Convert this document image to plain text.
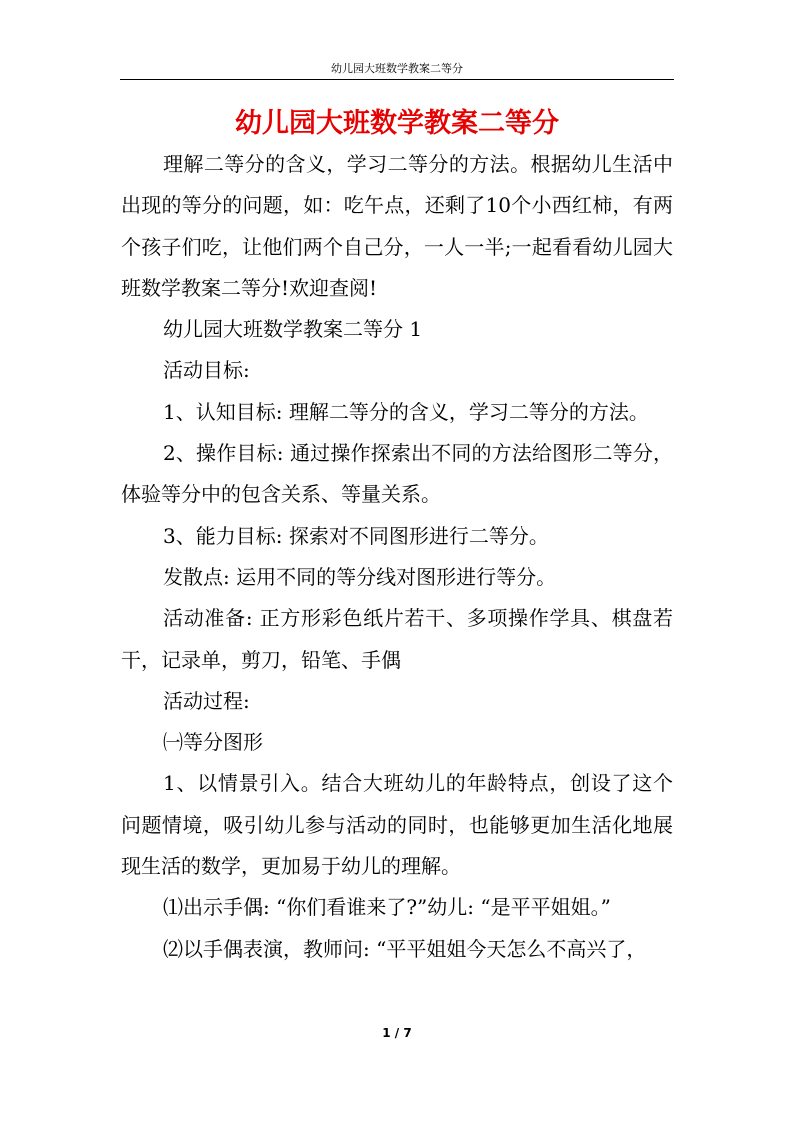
幼儿园大班数学教案二等分
幼儿园大班数学教案二等分

理解二等分的含义，学习二等分的方法。根据幼儿生活中出现的等分的问题，如：吃午点，还剩了10个小西红柿，有两个孩子们吃，让他们两个自己分，一人一半;一起看看幼儿园大班数学教案二等分!欢迎查阅!

幼儿园大班数学教案二等分 1

活动目标:

1、认知目标: 理解二等分的含义，学习二等分的方法。

2、操作目标: 通过操作探索出不同的方法给图形二等分，体验等分中的包含关系、等量关系。

3、能力目标: 探索对不同图形进行二等分。

发散点: 运用不同的等分线对图形进行等分。

活动准备: 正方形彩色纸片若干、多项操作学具、棋盘若干，记录单，剪刀，铅笔、手偶

活动过程:

㈠等分图形

1、以情景引入。结合大班幼儿的年龄特点，创设了这个问题情境，吸引幼儿参与活动的同时，也能够更加生活化地展现生活的数学，更加易于幼儿的理解。

⑴出示手偶: “你们看谁来了?”幼儿: “是平平姐姐。”

⑵以手偶表演，教师问: “平平姐姐今天怎么不高兴了，

1 / 7
